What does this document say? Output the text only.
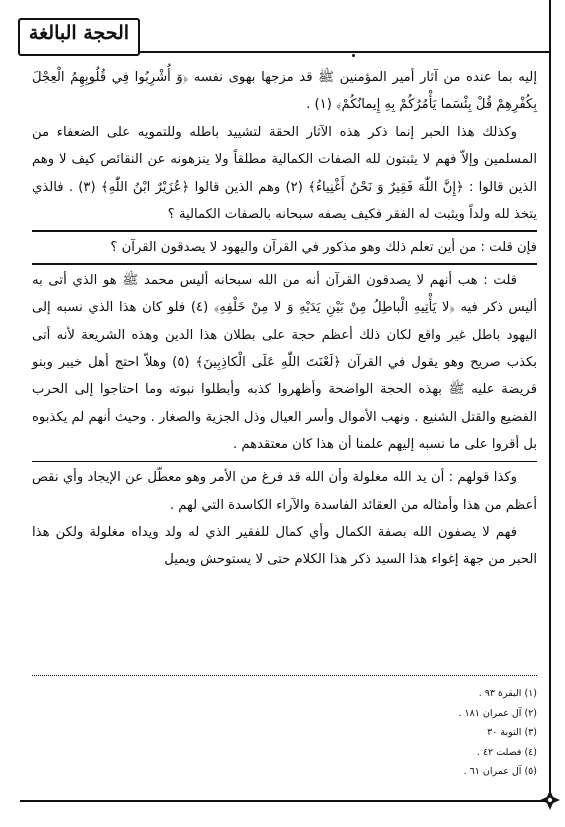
الحجة البالغة

إليه بما عنده من آثار أمير المؤمنين ﷺ قد مزجها بهوى نفسه ﴿وَ أُشْرِبُوا فِي قُلُوبِهِمُ الْعِجْلَ بِكُفْرِهِمْ قُلْ بِئْسَما يَأْمُرُكُمْ بِهِ إِيمانُكُمْ﴾ (١) .

وكذلك هذا الحبر إنما ذكر هذه الآثار الحقة لتشييد باطله وللتمويه على الضعفاء من المسلمين وإلاّ فهم لا يثبتون لله الصفات الكمالية مطلقاً ولا ينزهونه عن النقائص كيف لا وهم الذين قالوا : ﴿إِنَّ اللّٰهَ فَقِيرٌ وَ نَحْنُ أَغْنِياءُ﴾ (٢) وهم الذين قالوا ﴿عُزَيْرٌ ابْنُ اللّٰهِ﴾ (٣) . فالذي يتخذ لله ولداً ويثبت له الفقر فكيف يصفه سبحانه بالصفات الكمالية ؟

فإن قلت : من أين تعلم ذلك وهو مذكور في القرآن واليهود لا يصدقون القرآن ؟

قلت : هب أنهم لا يصدقون القرآن أنه من الله سبحانه أليس محمد ﷺ هو الذي أتى به أليس ذكر فيه ﴿لا يَأْتِيهِ الْباطِلُ مِنْ بَيْنِ يَدَيْهِ وَ لا مِنْ خَلْفِهِ﴾ (٤) فلو كان هذا الذي نسبه إلى اليهود باطل غير واقع لكان ذلك أعظم حجة على بطلان هذا الدين وهذه الشريعة لأنه أتى بكذب صريح وهو يقول في القرآن ﴿لَعْنَتَ اللّٰهِ عَلَى الْكاذِبِينَ﴾ (٥) وهلاّ احتج أهل خيبر وبنو قريضة عليه ﷺ بهذه الحجة الواضحة وأظهروا كذبه وأبطلوا نبوته وما احتاجوا إلى الحرب الفضيع والقتل الشنيع . ونهب الأموال وأسر العيال وذل الجزية والصغار . وحيث أنهم لم يكذبوه بل أقروا على ما نسبه إليهم علمنا أن هذا كان معتقدهم .

وكذا قولهم : أن يد الله مغلولة وأن الله قد فرغ من الأمر وهو معطّل عن الإيجاد وأي نقص أعظم من هذا وأمثاله من العقائد الفاسدة والآراء الكاسدة التي لهم .

فهم لا يصفون الله بصفة الكمال وأي كمال للفقير الذي له ولد ويداه مغلولة ولكن هذا الحبر من جهة إغواء هذا السيد ذكر هذا الكلام حتى لا يستوحش ويميل

(١) البقرة ٩٣ .
(٢) آل عمران ١٨١ .
(٣) التوبة ٣٠
(٤) فصلت ٤٢ .
(٥) آل عمران ٦١ .
